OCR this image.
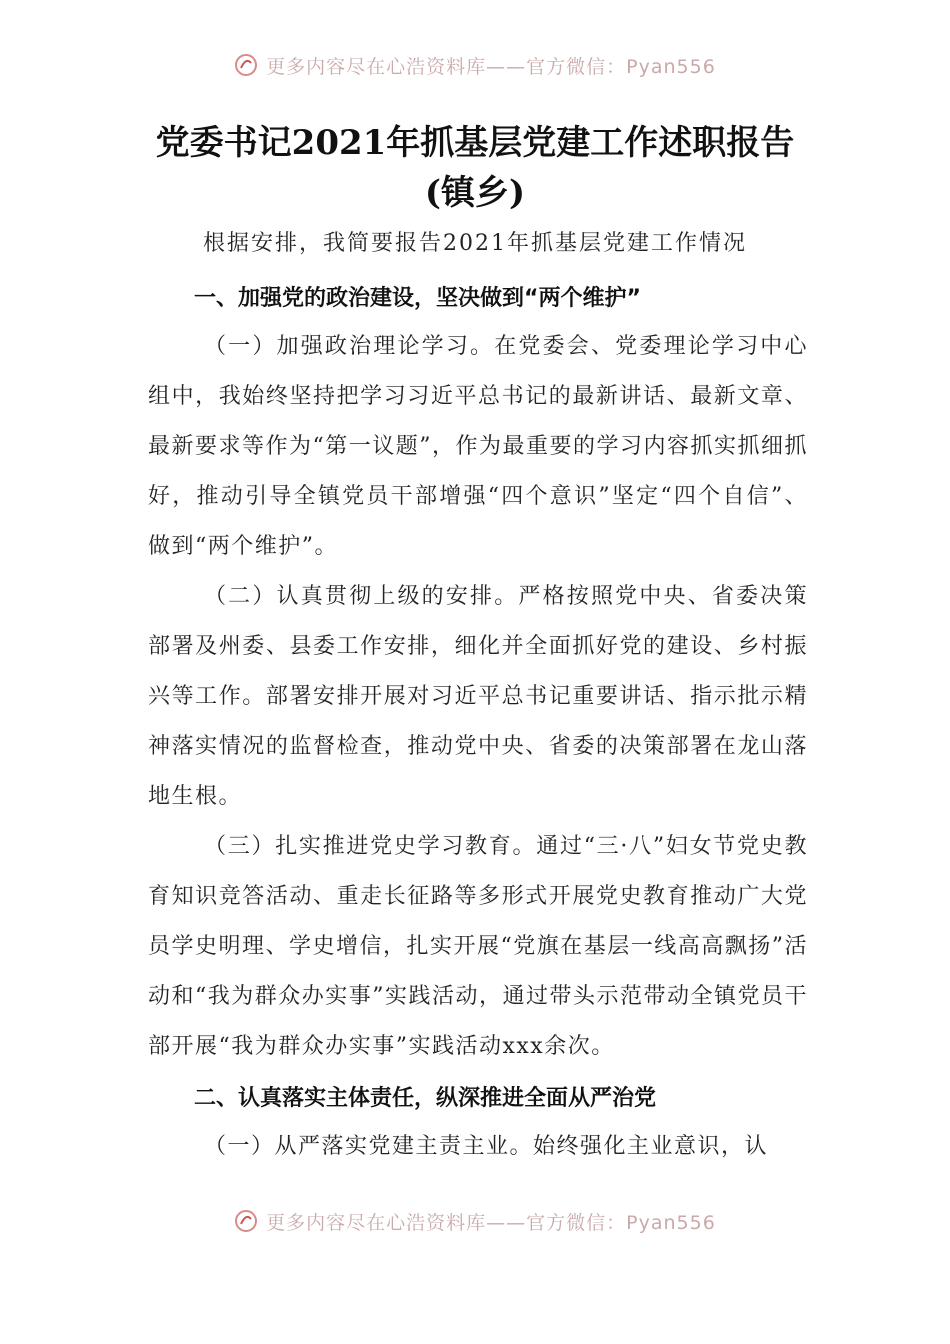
更多内容尽在心浩资料库——官方微信：Pyan556
党委书记2021年抓基层党建工作述职报告
(镇乡)
根据安排，我简要报告2021年抓基层党建工作情况

一、加强党的政治建设，坚决做到“两个维护”

（一）加强政治理论学习。在党委会、党委理论学习中心组中，我始终坚持把学习习近平总书记的最新讲话、最新文章、最新要求等作为“第一议题”，作为最重要的学习内容抓实抓细抓好，推动引导全镇党员干部增强“四个意识”坚定“四个自信”、做到“两个维护”。

（二）认真贯彻上级的安排。严格按照党中央、省委决策部署及州委、县委工作安排，细化并全面抓好党的建设、乡村振兴等工作。部署安排开展对习近平总书记重要讲话、指示批示精神落实情况的监督检查，推动党中央、省委的决策部署在龙山落地生根。

（三）扎实推进党史学习教育。通过“三·八”妇女节党史教育知识竞答活动、重走长征路等多形式开展党史教育推动广大党员学史明理、学史增信，扎实开展“党旗在基层一线高高飘扬”活动和“我为群众办实事”实践活动，通过带头示范带动全镇党员干部开展“我为群众办实事”实践活动xxx余次。

二、认真落实主体责任，纵深推进全面从严治党

（一）从严落实党建主责主业。始终强化主业意识，认

更多内容尽在心浩资料库——官方微信：Pyan556
